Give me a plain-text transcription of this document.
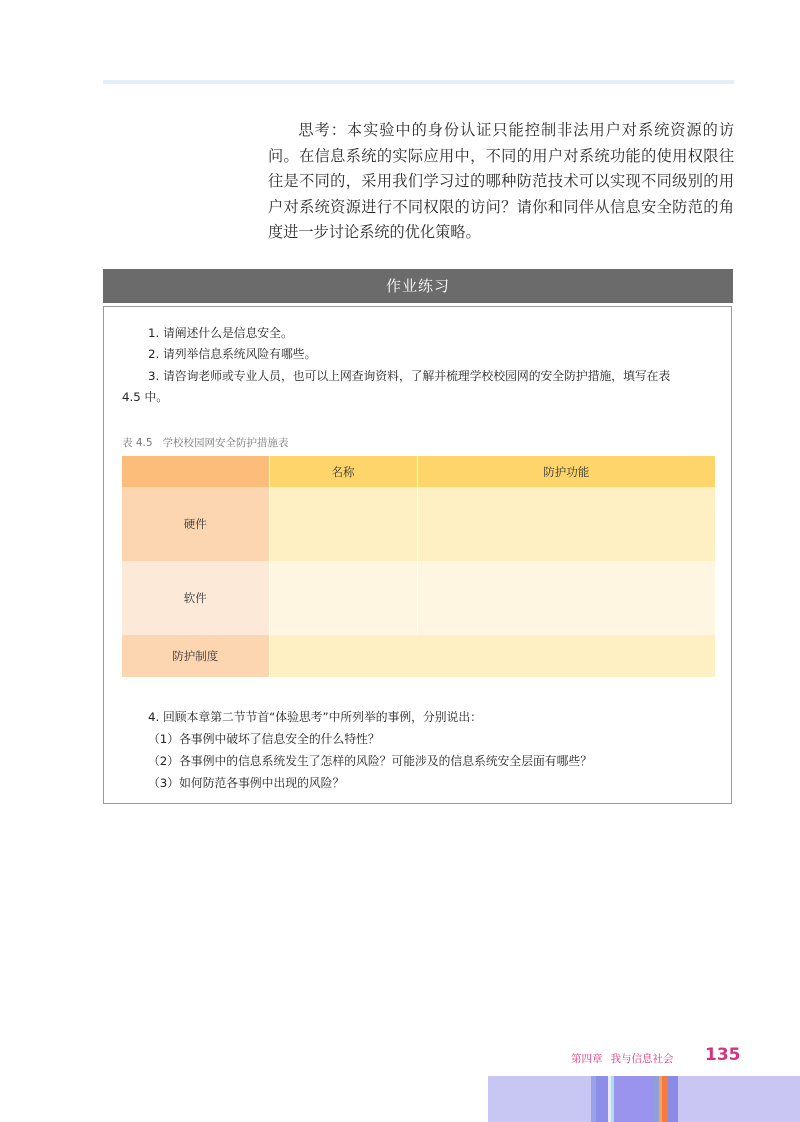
思考：本实验中的身份认证只能控制非法用户对系统资源的访问。在信息系统的实际应用中，不同的用户对系统功能的使用权限往往是不同的，采用我们学习过的哪种防范技术可以实现不同级别的用户对系统资源进行不同权限的访问？请你和同伴从信息安全防范的角度进一步讨论系统的优化策略。
作业练习
1. 请阐述什么是信息安全。
2. 请列举信息系统风险有哪些。
3. 请咨询老师或专业人员，也可以上网查询资料，了解并梳理学校校园网的安全防护措施，填写在表
4.5 中。
表 4.5 学校校园网安全防护措施表
	名称	防护功能
硬件		
软件		
防护制度		
4. 回顾本章第二节节首“体验思考”中所列举的事例，分别说出：
（1）各事例中破坏了信息安全的什么特性？
（2）各事例中的信息系统发生了怎样的风险？可能涉及的信息系统安全层面有哪些？
（3）如何防范各事例中出现的风险？
第四章 我与信息社会 135
